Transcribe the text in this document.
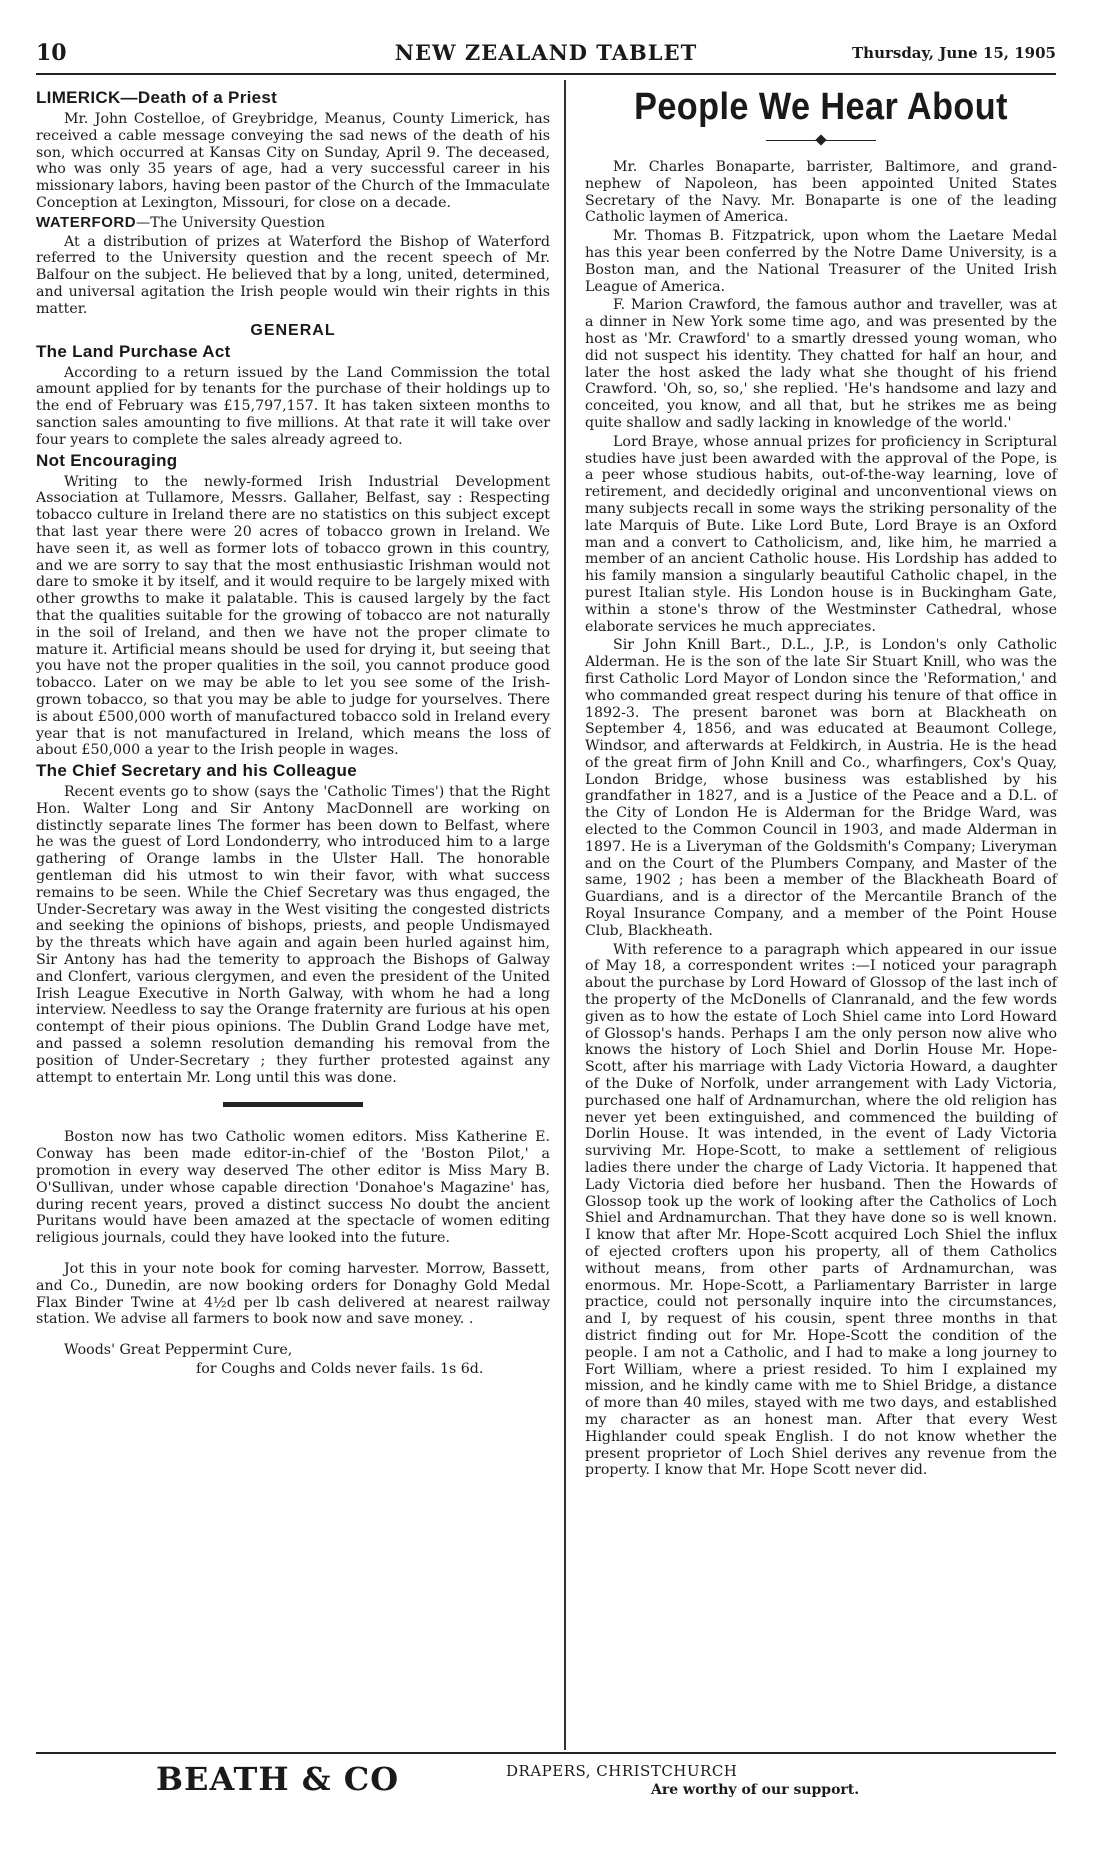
10	NEW ZEALAND TABLET	Thursday, June 15, 1905
LIMERICK—Death of a Priest

Mr. John Costelloe, of Greybridge, Meanus, County Limerick, has received a cable message conveying the sad news of the death of his son, which occurred at Kansas City on Sunday, April 9. The deceased, who was only 35 years of age, had a very successful career in his missionary labors, having been pastor of the Church of the Immaculate Conception at Lexington, Missouri, for close on a decade.

WATERFORD—The University Question

At a distribution of prizes at Waterford the Bishop of Waterford referred to the University question and the recent speech of Mr. Balfour on the subject. He believed that by a long, united, determined, and universal agitation the Irish people would win their rights in this matter.

GENERAL
The Land Purchase Act

According to a return issued by the Land Commission the total amount applied for by tenants for the purchase of their holdings up to the end of February was £15,797,157. It has taken sixteen months to sanction sales amounting to five millions. At that rate it will take over four years to complete the sales already agreed to.

Not Encouraging

Writing to the newly-formed Irish Industrial Development Association at Tullamore, Messrs. Gallaher, Belfast, say : Respecting tobacco culture in Ireland there are no statistics on this subject except that last year there were 20 acres of tobacco grown in Ireland. We have seen it, as well as former lots of tobacco grown in this country, and we are sorry to say that the most enthusiastic Irishman would not dare to smoke it by itself, and it would require to be largely mixed with other growths to make it palatable. This is caused largely by the fact that the qualities suitable for the growing of tobacco are not naturally in the soil of Ireland, and then we have not the proper climate to mature it. Artificial means should be used for drying it, but seeing that you have not the proper qualities in the soil, you cannot produce good tobacco. Later on we may be able to let you see some of the Irish-grown tobacco, so that you may be able to judge for yourselves. There is about £500,000 worth of manufactured tobacco sold in Ireland every year that is not manufactured in Ireland, which means the loss of about £50,000 a year to the Irish people in wages.

The Chief Secretary and his Colleague

Recent events go to show (says the 'Catholic Times') that the Right Hon. Walter Long and Sir Antony MacDonnell are working on distinctly separate lines The former has been down to Belfast, where he was the guest of Lord Londonderry, who introduced him to a large gathering of Orange lambs in the Ulster Hall. The honorable gentleman did his utmost to win their favor, with what success remains to be seen. While the Chief Secretary was thus engaged, the Under-Secretary was away in the West visiting the congested districts and seeking the opinions of bishops, priests, and people Undismayed by the threats which have again and again been hurled against him, Sir Antony has had the temerity to approach the Bishops of Galway and Clonfert, various clergymen, and even the president of the United Irish League Executive in North Galway, with whom he had a long interview. Needless to say the Orange fraternity are furious at his open contempt of their pious opinions. The Dublin Grand Lodge have met, and passed a solemn resolution demanding his removal from the position of Under-Secretary ; they further protested against any attempt to entertain Mr. Long until this was done.

Boston now has two Catholic women editors. Miss Katherine E. Conway has been made editor-in-chief of the 'Boston Pilot,' a promotion in every way deserved The other editor is Miss Mary B. O'Sullivan, under whose capable direction 'Donahoe's Magazine' has, during recent years, proved a distinct success No doubt the ancient Puritans would have been amazed at the spectacle of women editing religious journals, could they have looked into the future.

Jot this in your note book for coming harvester. Morrow, Bassett, and Co., Dunedin, are now booking orders for Donaghy Gold Medal Flax Binder Twine at 4½d per lb cash delivered at nearest railway station. We advise all farmers to book now and save money. .

Woods' Great Peppermint Cure,

for Coughs and Colds never fails. 1s 6d.

People We Hear About

Mr. Charles Bonaparte, barrister, Baltimore, and grand-nephew of Napoleon, has been appointed United States Secretary of the Navy. Mr. Bonaparte is one of the leading Catholic laymen of America.

Mr. Thomas B. Fitzpatrick, upon whom the Laetare Medal has this year been conferred by the Notre Dame University, is a Boston man, and the National Treasurer of the United Irish League of America.

F. Marion Crawford, the famous author and traveller, was at a dinner in New York some time ago, and was presented by the host as 'Mr. Crawford' to a smartly dressed young woman, who did not suspect his identity. They chatted for half an hour, and later the host asked the lady what she thought of his friend Crawford. 'Oh, so, so,' she replied. 'He's handsome and lazy and conceited, you know, and all that, but he strikes me as being quite shallow and sadly lacking in knowledge of the world.'

Lord Braye, whose annual prizes for proficiency in Scriptural studies have just been awarded with the approval of the Pope, is a peer whose studious habits, out-of-the-way learning, love of retirement, and decidedly original and unconventional views on many subjects recall in some ways the striking personality of the late Marquis of Bute. Like Lord Bute, Lord Braye is an Oxford man and a convert to Catholicism, and, like him, he married a member of an ancient Catholic house. His Lordship has added to his family mansion a singularly beautiful Catholic chapel, in the purest Italian style. His London house is in Buckingham Gate, within a stone's throw of the Westminster Cathedral, whose elaborate services he much appreciates.

Sir John Knill Bart., D.L., J.P., is London's only Catholic Alderman. He is the son of the late Sir Stuart Knill, who was the first Catholic Lord Mayor of London since the 'Reformation,' and who commanded great respect during his tenure of that office in 1892-3. The present baronet was born at Blackheath on September 4, 1856, and was educated at Beaumont College, Windsor, and afterwards at Feldkirch, in Austria. He is the head of the great firm of John Knill and Co., wharfingers, Cox's Quay, London Bridge, whose business was established by his grandfather in 1827, and is a Justice of the Peace and a D.L. of the City of London He is Alderman for the Bridge Ward, was elected to the Common Council in 1903, and made Alderman in 1897. He is a Liveryman of the Goldsmith's Company; Liveryman and on the Court of the Plumbers Company, and Master of the same, 1902 ; has been a member of the Blackheath Board of Guardians, and is a director of the Mercantile Branch of the Royal Insurance Company, and a member of the Point House Club, Blackheath.

With reference to a paragraph which appeared in our issue of May 18, a correspondent writes :—I noticed your paragraph about the purchase by Lord Howard of Glossop of the last inch of the property of the McDonells of Clanranald, and the few words given as to how the estate of Loch Shiel came into Lord Howard of Glossop's hands. Perhaps I am the only person now alive who knows the history of Loch Shiel and Dorlin House Mr. Hope-Scott, after his marriage with Lady Victoria Howard, a daughter of the Duke of Norfolk, under arrangement with Lady Victoria, purchased one half of Ardnamurchan, where the old religion has never yet been extinguished, and commenced the building of Dorlin House. It was intended, in the event of Lady Victoria surviving Mr. Hope-Scott, to make a settlement of religious ladies there under the charge of Lady Victoria. It happened that Lady Victoria died before her husband. Then the Howards of Glossop took up the work of looking after the Catholics of Loch Shiel and Ardnamurchan. That they have done so is well known. I know that after Mr. Hope-Scott acquired Loch Shiel the influx of ejected crofters upon his property, all of them Catholics without means, from other parts of Ardnamurchan, was enormous. Mr. Hope-Scott, a Parliamentary Barrister in large practice, could not personally inquire into the circumstances, and I, by request of his cousin, spent three months in that district finding out for Mr. Hope-Scott the condition of the people. I am not a Catholic, and I had to make a long journey to Fort William, where a priest resided. To him I explained my mission, and he kindly came with me to Shiel Bridge, a distance of more than 40 miles, stayed with me two days, and established my character as an honest man. After that every West Highlander could speak English. I do not know whether the present proprietor of Loch Shiel derives any revenue from the property. I know that Mr. Hope Scott never did.

BEATH & CO	DRAPERS, CHRISTCHURCH
Are worthy of our support.
